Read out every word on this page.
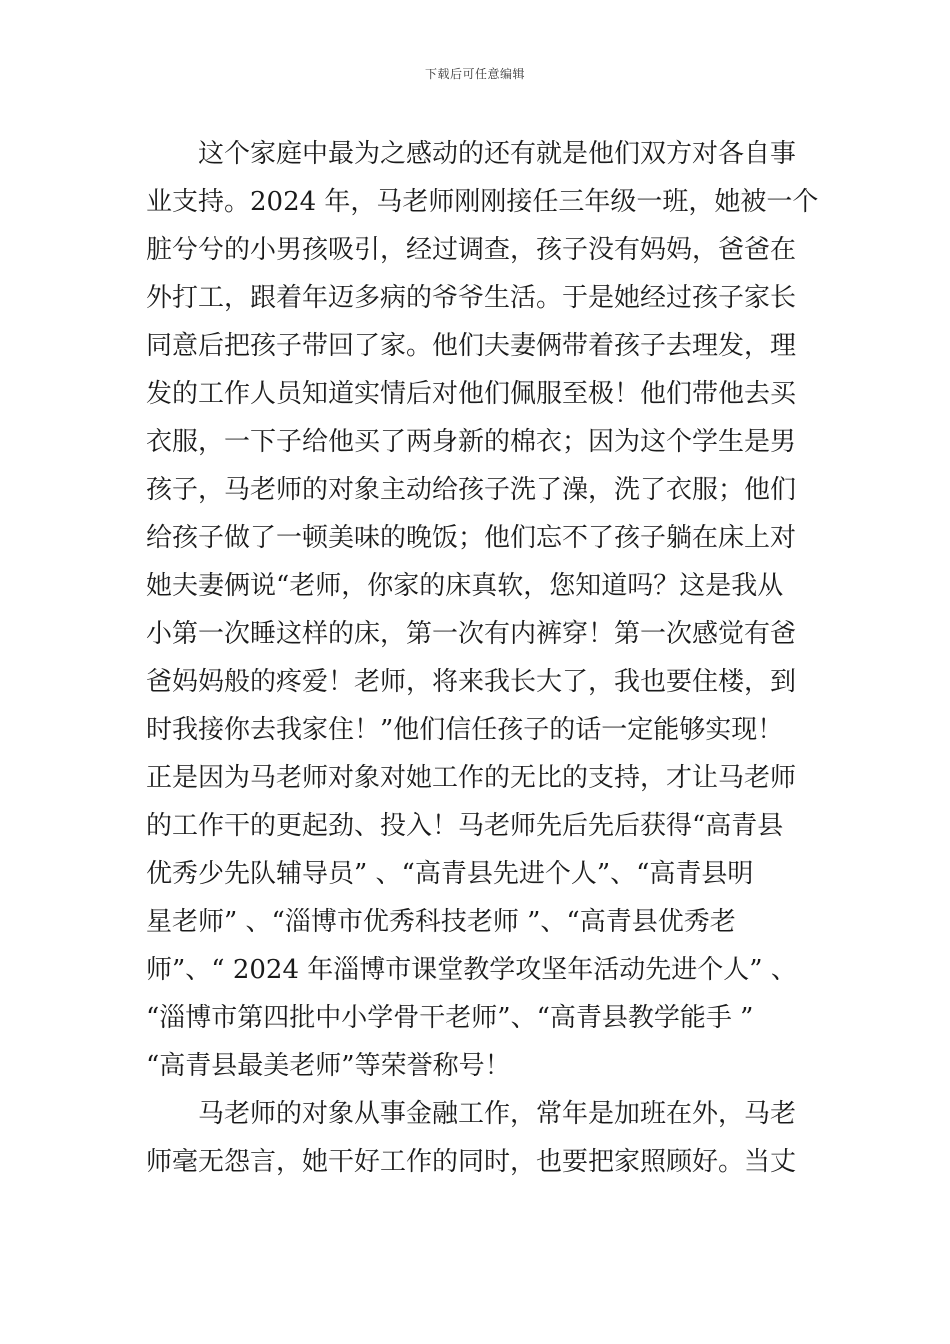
下载后可任意编辑
这个家庭中最为之感动的还有就是他们双方对各自事
业支持。2024 年，马老师刚刚接任三年级一班，她被一个
脏兮兮的小男孩吸引，经过调查，孩子没有妈妈，爸爸在
外打工，跟着年迈多病的爷爷生活。于是她经过孩子家长
同意后把孩子带回了家。他们夫妻俩带着孩子去理发，理
发的工作人员知道实情后对他们佩服至极！他们带他去买
衣服，一下子给他买了两身新的棉衣；因为这个学生是男
孩子，马老师的对象主动给孩子洗了澡，洗了衣服；他们
给孩子做了一顿美味的晚饭；他们忘不了孩子躺在床上对
她夫妻俩说“老师，你家的床真软，您知道吗？这是我从
小第一次睡这样的床，第一次有内裤穿！第一次感觉有爸
爸妈妈般的疼爱！老师，将来我长大了，我也要住楼，到
时我接你去我家住！”他们信任孩子的话一定能够实现！
正是因为马老师对象对她工作的无比的支持，才让马老师
的工作干的更起劲、投入！马老师先后先后获得“高青县
优秀少先队辅导员” 、“高青县先进个人”、“高青县明
星老师” 、“淄博市优秀科技老师 ”、“高青县优秀老
师”、“ 2024 年淄博市课堂教学攻坚年活动先进个人” 、
“淄博市第四批中小学骨干老师”、“高青县教学能手 ”
“高青县最美老师”等荣誉称号！
马老师的对象从事金融工作，常年是加班在外，马老
师毫无怨言，她干好工作的同时，也要把家照顾好。当丈
